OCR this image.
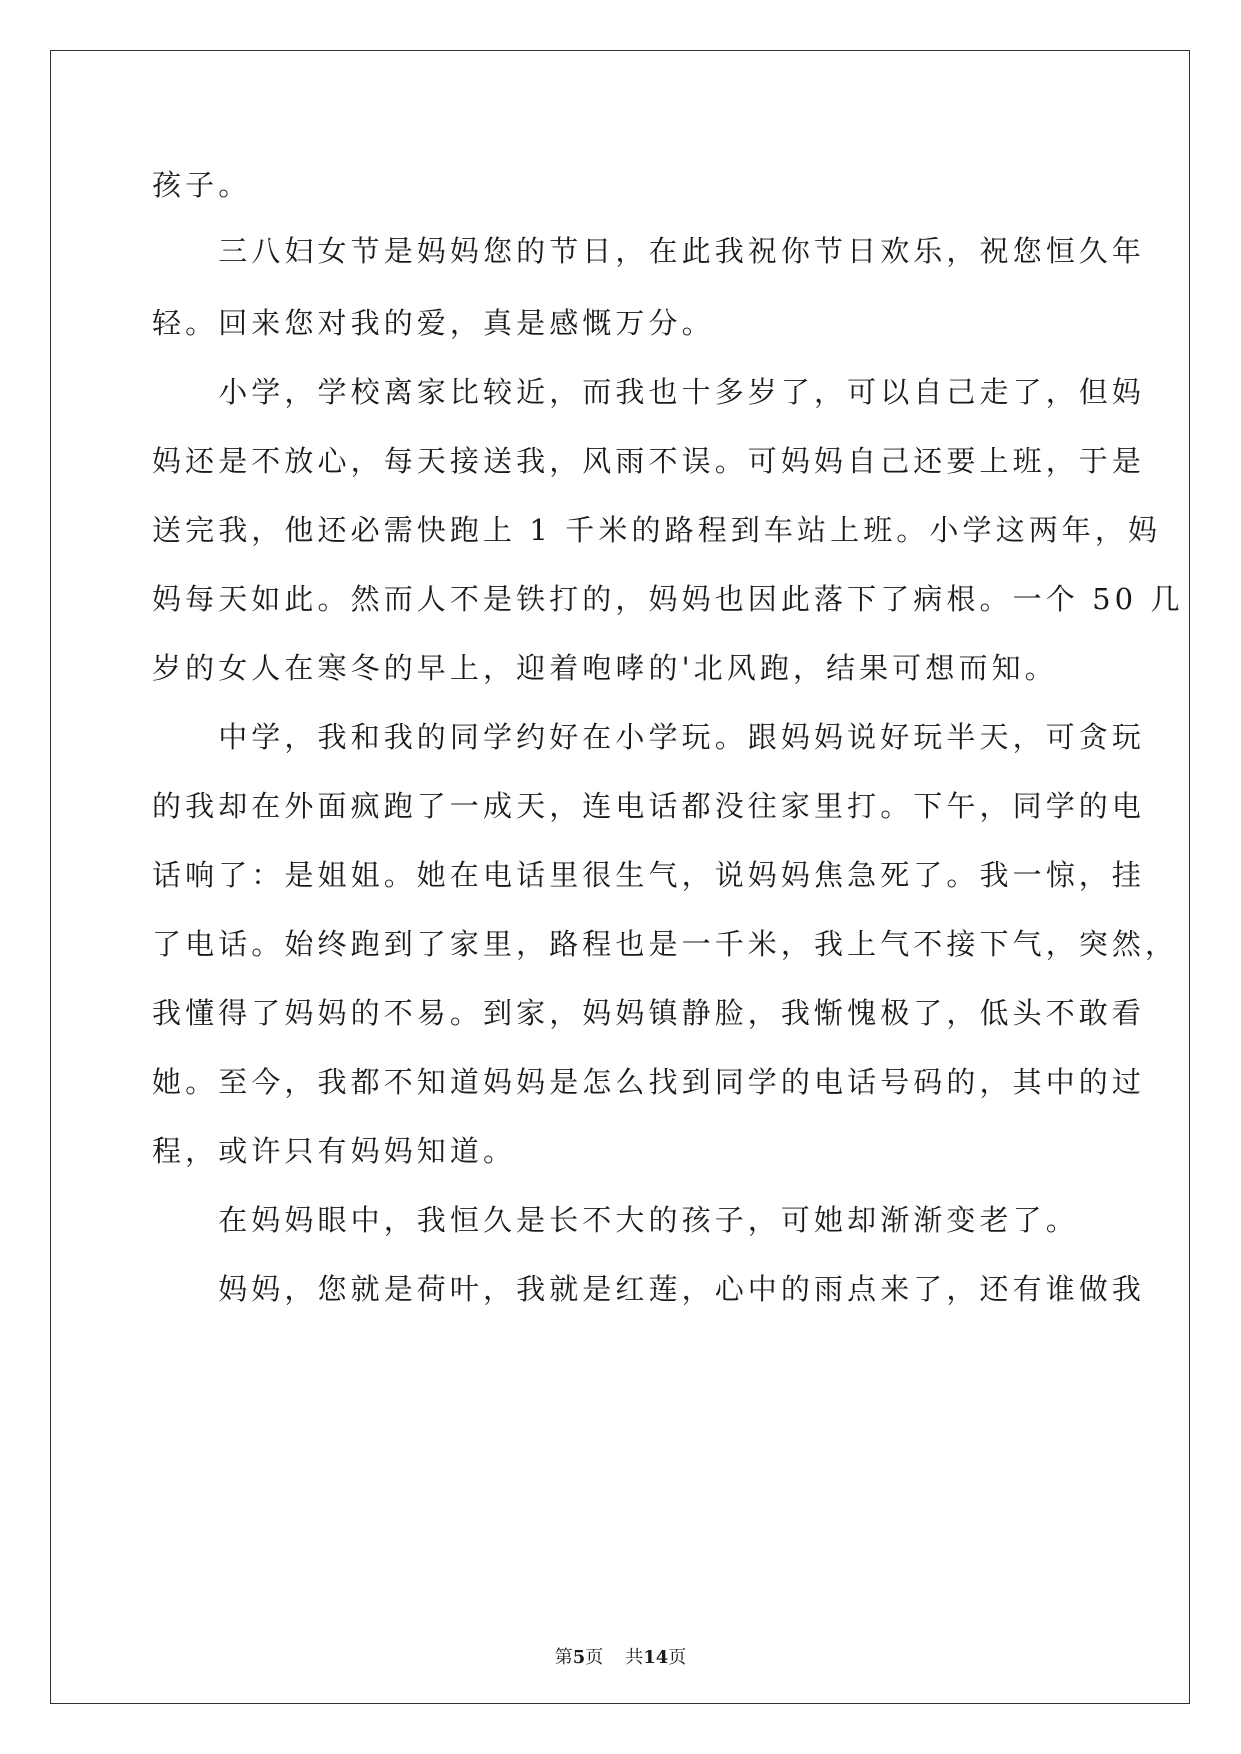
孩子。
　　三八妇女节是妈妈您的节日，在此我祝你节日欢乐，祝您恒久年
轻。回来您对我的爱，真是感慨万分。
　　小学，学校离家比较近，而我也十多岁了，可以自己走了，但妈
妈还是不放心，每天接送我，风雨不误。可妈妈自己还要上班，于是
送完我，他还必需快跑上 1 千米的路程到车站上班。小学这两年，妈
妈每天如此。然而人不是铁打的，妈妈也因此落下了病根。一个 50 几
岁的女人在寒冬的早上，迎着咆哮的'北风跑，结果可想而知。
　　中学，我和我的同学约好在小学玩。跟妈妈说好玩半天，可贪玩
的我却在外面疯跑了一成天，连电话都没往家里打。下午，同学的电
话响了：是姐姐。她在电话里很生气，说妈妈焦急死了。我一惊，挂
了电话。始终跑到了家里，路程也是一千米，我上气不接下气，突然，
我懂得了妈妈的不易。到家，妈妈镇静脸，我惭愧极了，低头不敢看
她。至今，我都不知道妈妈是怎么找到同学的电话号码的，其中的过
程，或许只有妈妈知道。
　　在妈妈眼中，我恒久是长不大的孩子，可她却渐渐变老了。
　　妈妈，您就是荷叶，我就是红莲，心中的雨点来了，还有谁做我
第5页 共14页
